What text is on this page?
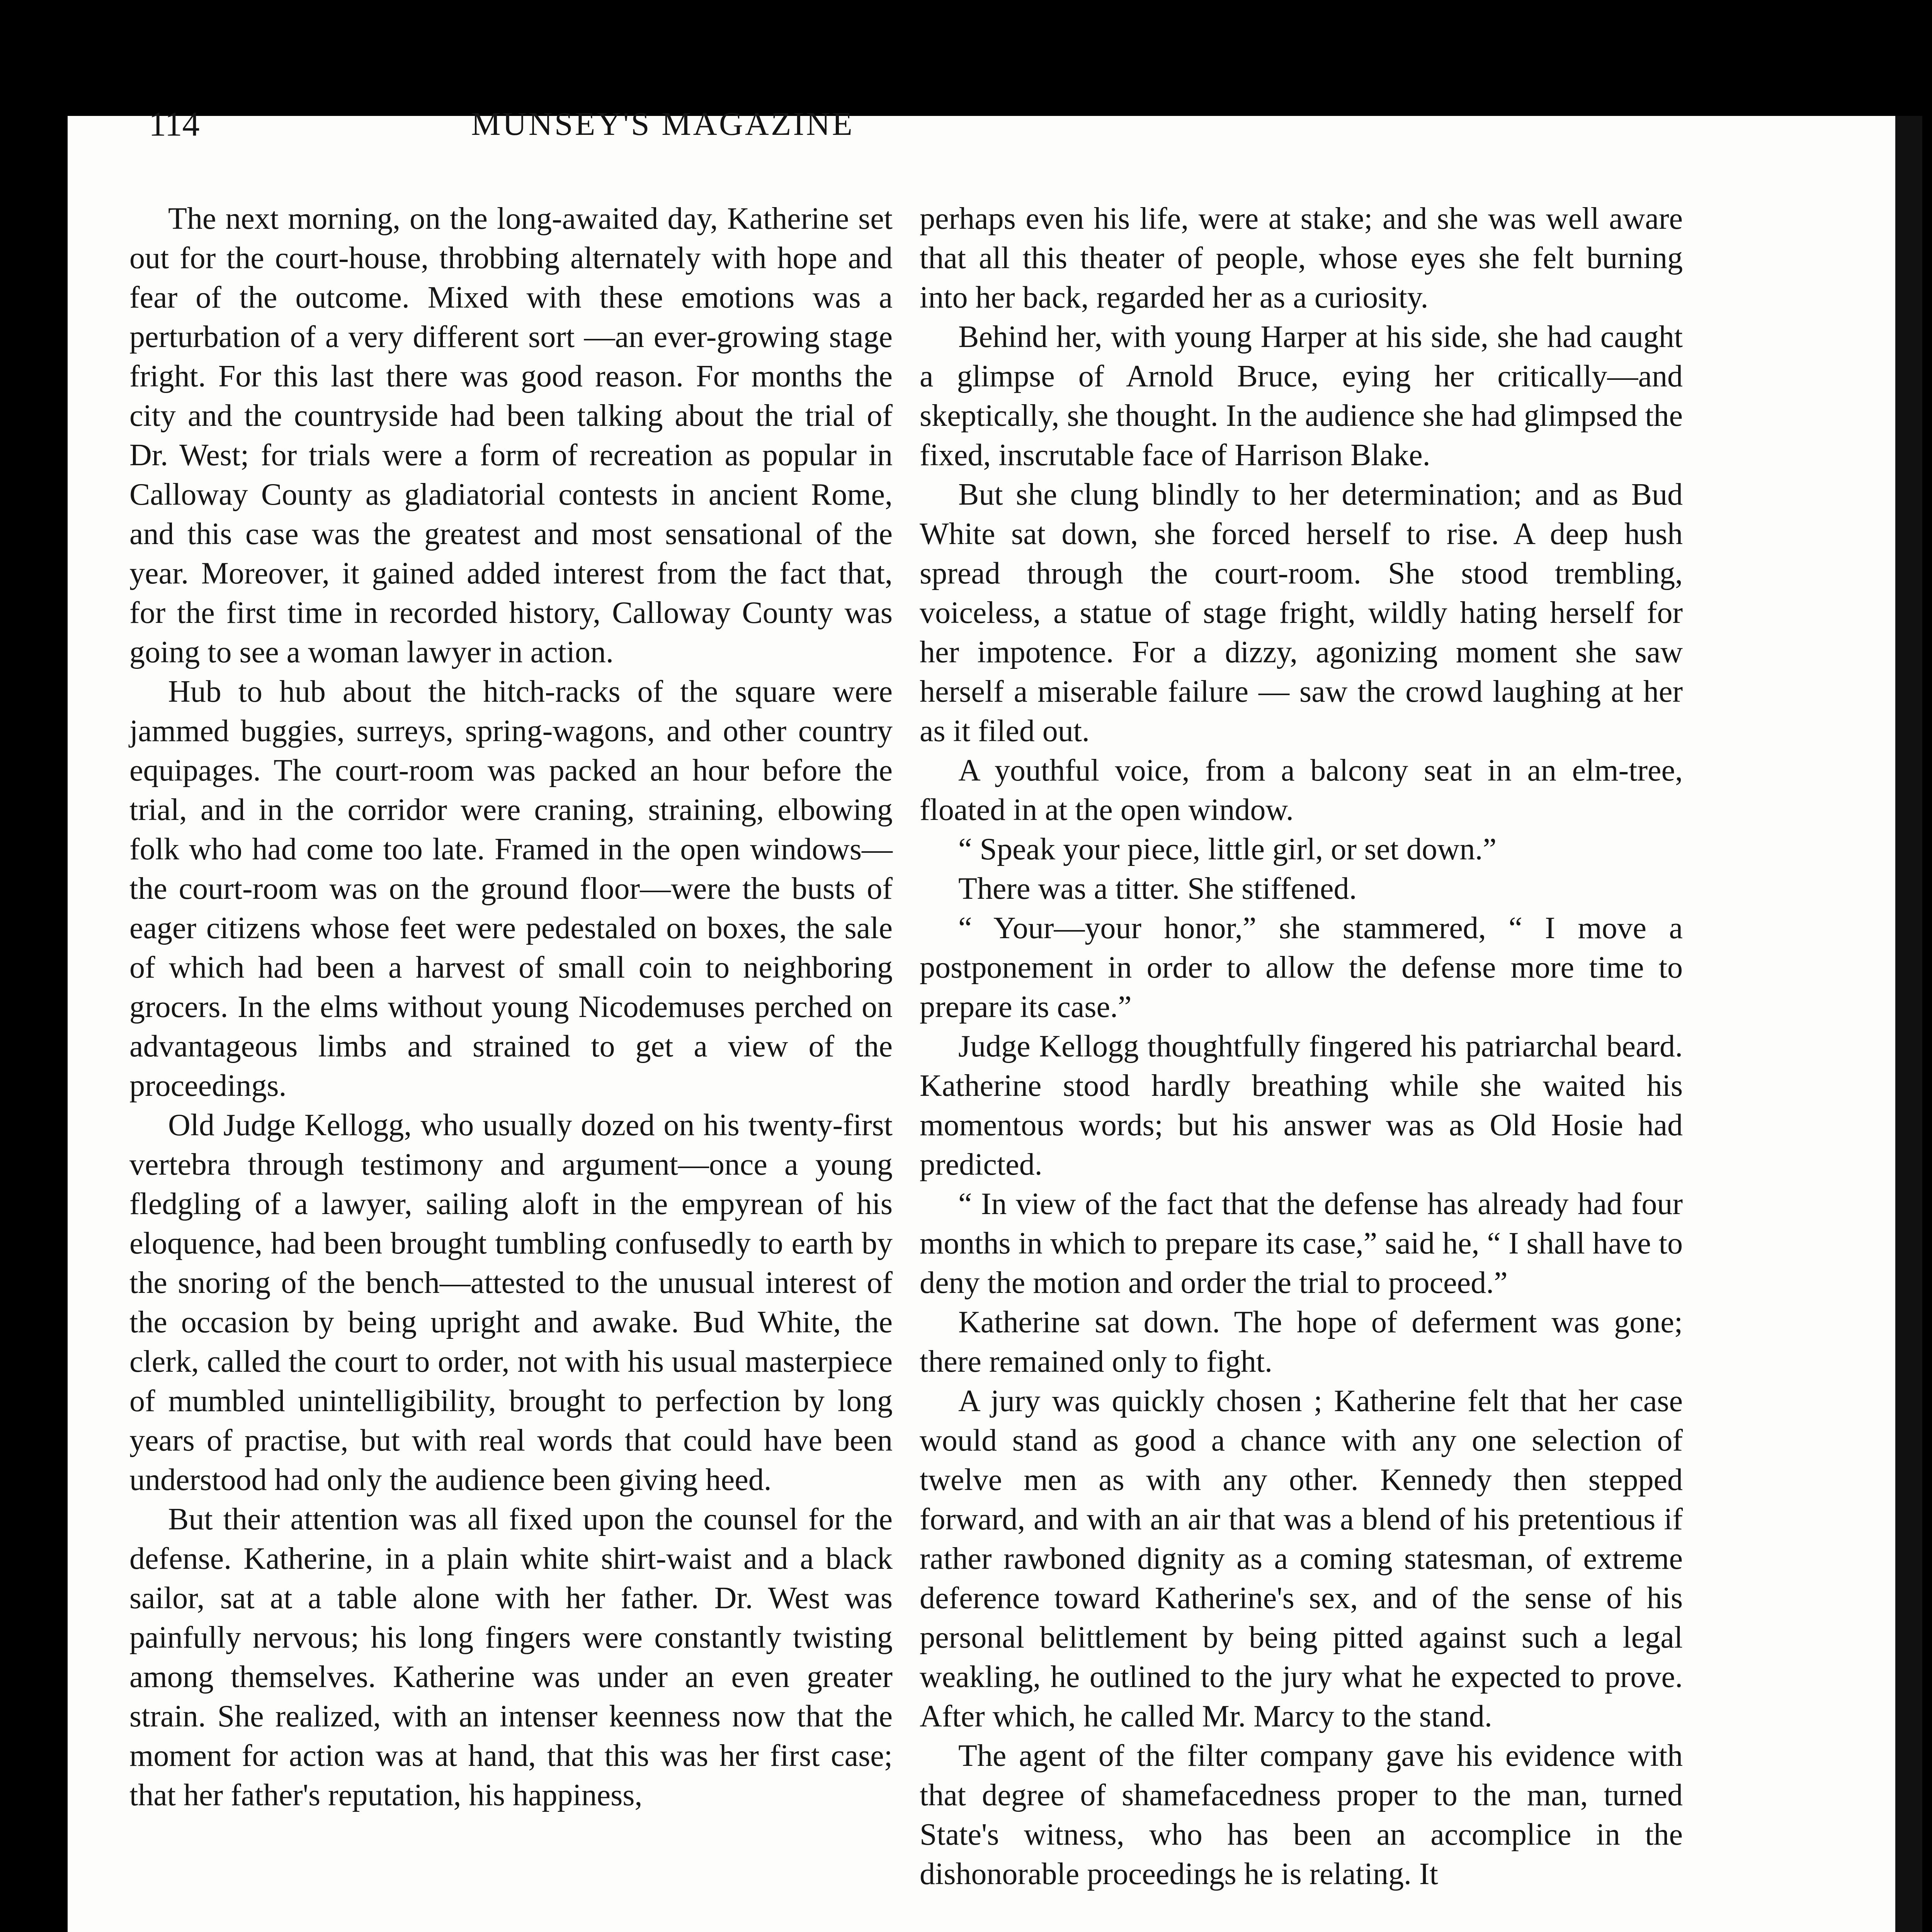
114	MUNSEY'S MAGAZINE

The next morning, on the long-awaited day, Katherine set out for the court-house, throbbing alternately with hope and fear of the outcome. Mixed with these emotions was a perturbation of a very different sort —an ever-growing stage fright. For this last there was good reason. For months the city and the countryside had been talking about the trial of Dr. West; for trials were a form of recreation as popular in Calloway County as gladiatorial contests in ancient Rome, and this case was the greatest and most sensational of the year. Moreover, it gained added interest from the fact that, for the first time in recorded history, Calloway County was going to see a woman lawyer in action.

Hub to hub about the hitch-racks of the square were jammed buggies, surreys, spring-wagons, and other country equipages. The court-room was packed an hour before the trial, and in the corridor were craning, straining, elbowing folk who had come too late. Framed in the open windows—the court-room was on the ground floor—were the busts of eager citizens whose feet were pedestaled on boxes, the sale of which had been a harvest of small coin to neighboring grocers. In the elms without young Nicodemuses perched on advantageous limbs and strained to get a view of the proceedings.

Old Judge Kellogg, who usually dozed on his twenty-first vertebra through testimony and argument—once a young fledgling of a lawyer, sailing aloft in the empyrean of his eloquence, had been brought tumbling confusedly to earth by the snoring of the bench—attested to the unusual interest of the occasion by being upright and awake. Bud White, the clerk, called the court to order, not with his usual masterpiece of mumbled unintelligibility, brought to perfection by long years of practise, but with real words that could have been understood had only the audience been giving heed.

But their attention was all fixed upon the counsel for the defense. Katherine, in a plain white shirt-waist and a black sailor, sat at a table alone with her father. Dr. West was painfully nervous; his long fingers were constantly twisting among themselves. Katherine was under an even greater strain. She realized, with an intenser keenness now that the moment for action was at hand, that this was her first case; that her father's reputation, his happiness,

perhaps even his life, were at stake; and she was well aware that all this theater of people, whose eyes she felt burning into her back, regarded her as a curiosity.

Behind her, with young Harper at his side, she had caught a glimpse of Arnold Bruce, eying her critically—and skeptically, she thought. In the audience she had glimpsed the fixed, inscrutable face of Harrison Blake.

But she clung blindly to her determination; and as Bud White sat down, she forced herself to rise. A deep hush spread through the court-room. She stood trembling, voiceless, a statue of stage fright, wildly hating herself for her impotence. For a dizzy, agonizing moment she saw herself a miserable failure — saw the crowd laughing at her as it filed out.

A youthful voice, from a balcony seat in an elm-tree, floated in at the open window.

“ Speak your piece, little girl, or set down.”

There was a titter. She stiffened.

“ Your—your honor,” she stammered, “ I move a postponement in order to allow the defense more time to prepare its case.”

Judge Kellogg thoughtfully fingered his patriarchal beard. Katherine stood hardly breathing while she waited his momentous words; but his answer was as Old Hosie had predicted.

“ In view of the fact that the defense has already had four months in which to prepare its case,” said he, “ I shall have to deny the motion and order the trial to proceed.”

Katherine sat down. The hope of deferment was gone; there remained only to fight.

A jury was quickly chosen ; Katherine felt that her case would stand as good a chance with any one selection of twelve men as with any other. Kennedy then stepped forward, and with an air that was a blend of his pretentious if rather rawboned dignity as a coming statesman, of extreme deference toward Katherine's sex, and of the sense of his personal belittlement by being pitted against such a legal weakling, he outlined to the jury what he expected to prove. After which, he called Mr. Marcy to the stand.

The agent of the filter company gave his evidence with that degree of shamefacedness proper to the man, turned State's witness, who has been an accomplice in the dishonorable proceedings he is relating. It
